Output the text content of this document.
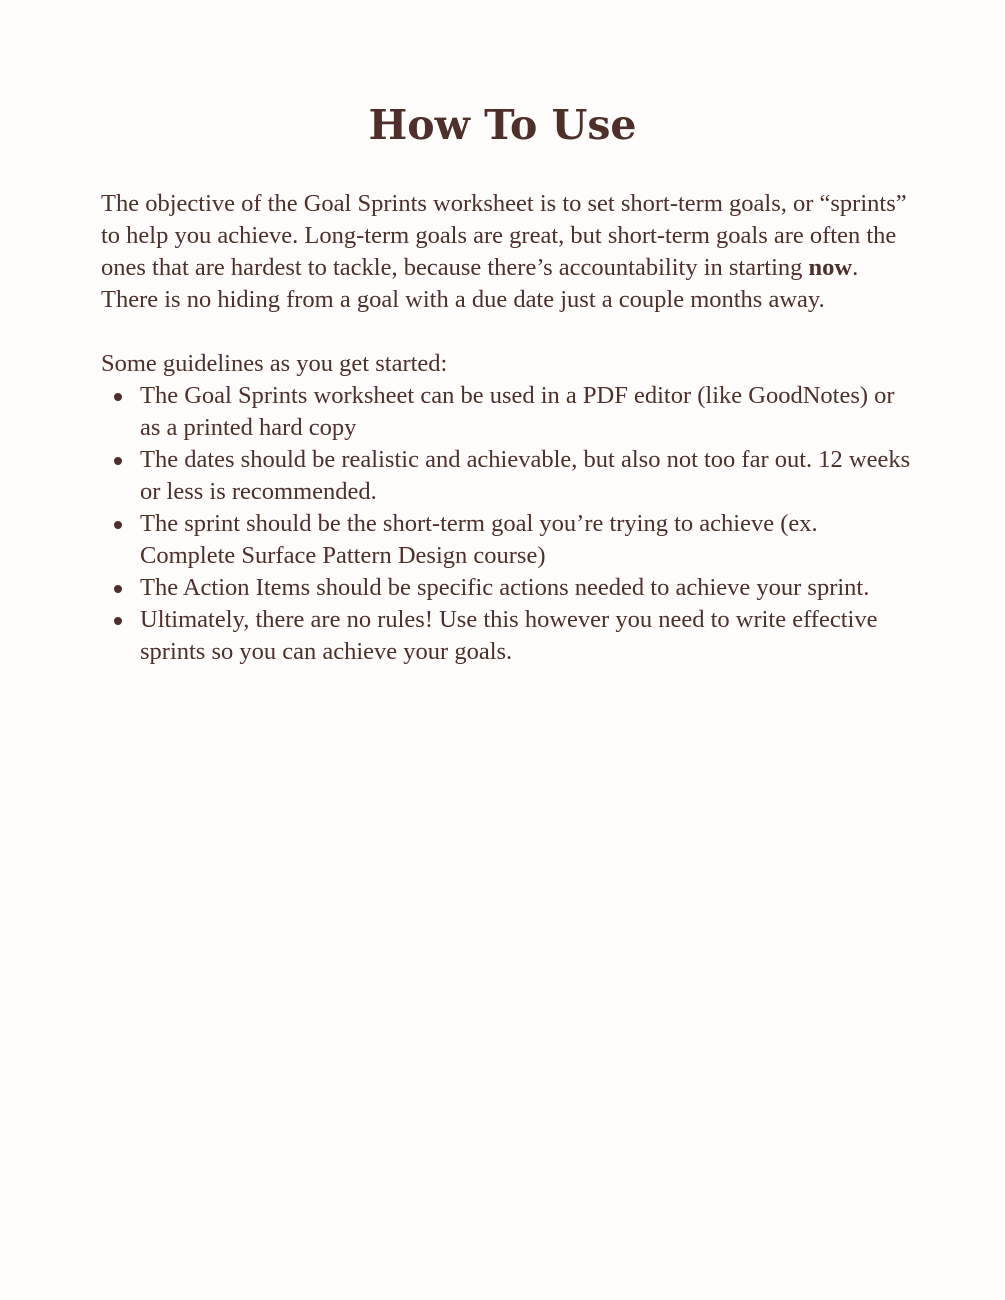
How To Use

The objective of the Goal Sprints worksheet is to set short-term goals, or “sprints” to help you achieve. Long-term goals are great, but short-term goals are often the ones that are hardest to tackle, because there’s accountability in starting now. There is no hiding from a goal with a due date just a couple months away.

Some guidelines as you get started:

The Goal Sprints worksheet can be used in a PDF editor (like GoodNotes) or as a printed hard copy
The dates should be realistic and achievable, but also not too far out. 12 weeks or less is recommended.
The sprint should be the short-term goal you’re trying to achieve (ex. Complete Surface Pattern Design course)
The Action Items should be specific actions needed to achieve your sprint.
Ultimately, there are no rules! Use this however you need to write effective sprints so you can achieve your goals.
